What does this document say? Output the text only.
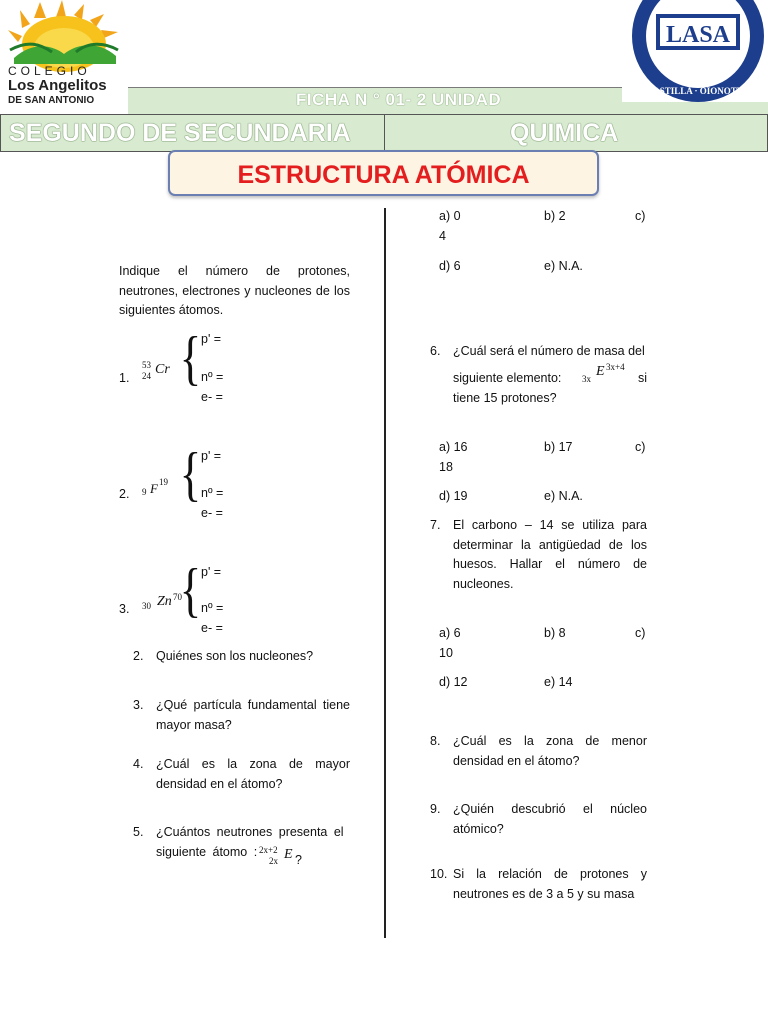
COLEGIO
Los Angelitos
DE SAN ANTONIO	FICHA N ° 01- 2 UNIDAD
SEGUNDO DE SECUNDARIA	QUIMICA
LASA
· CASTILLA · OIONOTNA ·
ESTRUCTURA ATÓMICA
Indique el número de protones, neutrones, electrones y nucleones de los siguientes átomos.
1.
53
24 Cr { p' =
nº =
e- =
2. 9 F 19 { p' =
nº =
e- =
3. 30 Zn 70
{ p' =
nº =
e- =
2. Quiénes son los nucleones?
3. ¿Qué partícula fundamental tiene mayor masa?
4. ¿Cuál es la zona de mayor densidad en el átomo?
5. ¿Cuántos neutrones presenta el siguiente átomo : 2x+2
2x E ?
a) 0	b) 2	c)
4
d) 6	e) N.A.
6. ¿Cuál será el número de masa del
siguiente elemento: 3x E 3x+4
si
tiene 15 protones?
a) 16	b) 17	c)
18
d) 19	e) N.A.
7. El carbono – 14 se utiliza para determinar la antigüedad de los huesos. Hallar el número de nucleones.
a) 6	b) 8	c)
10
d) 12	e) 14
8. ¿Cuál es la zona de menor densidad en el átomo?
9. ¿Quién descubrió el núcleo atómico?
10. Si la relación de protones y neutrones es de 3 a 5 y su masa
